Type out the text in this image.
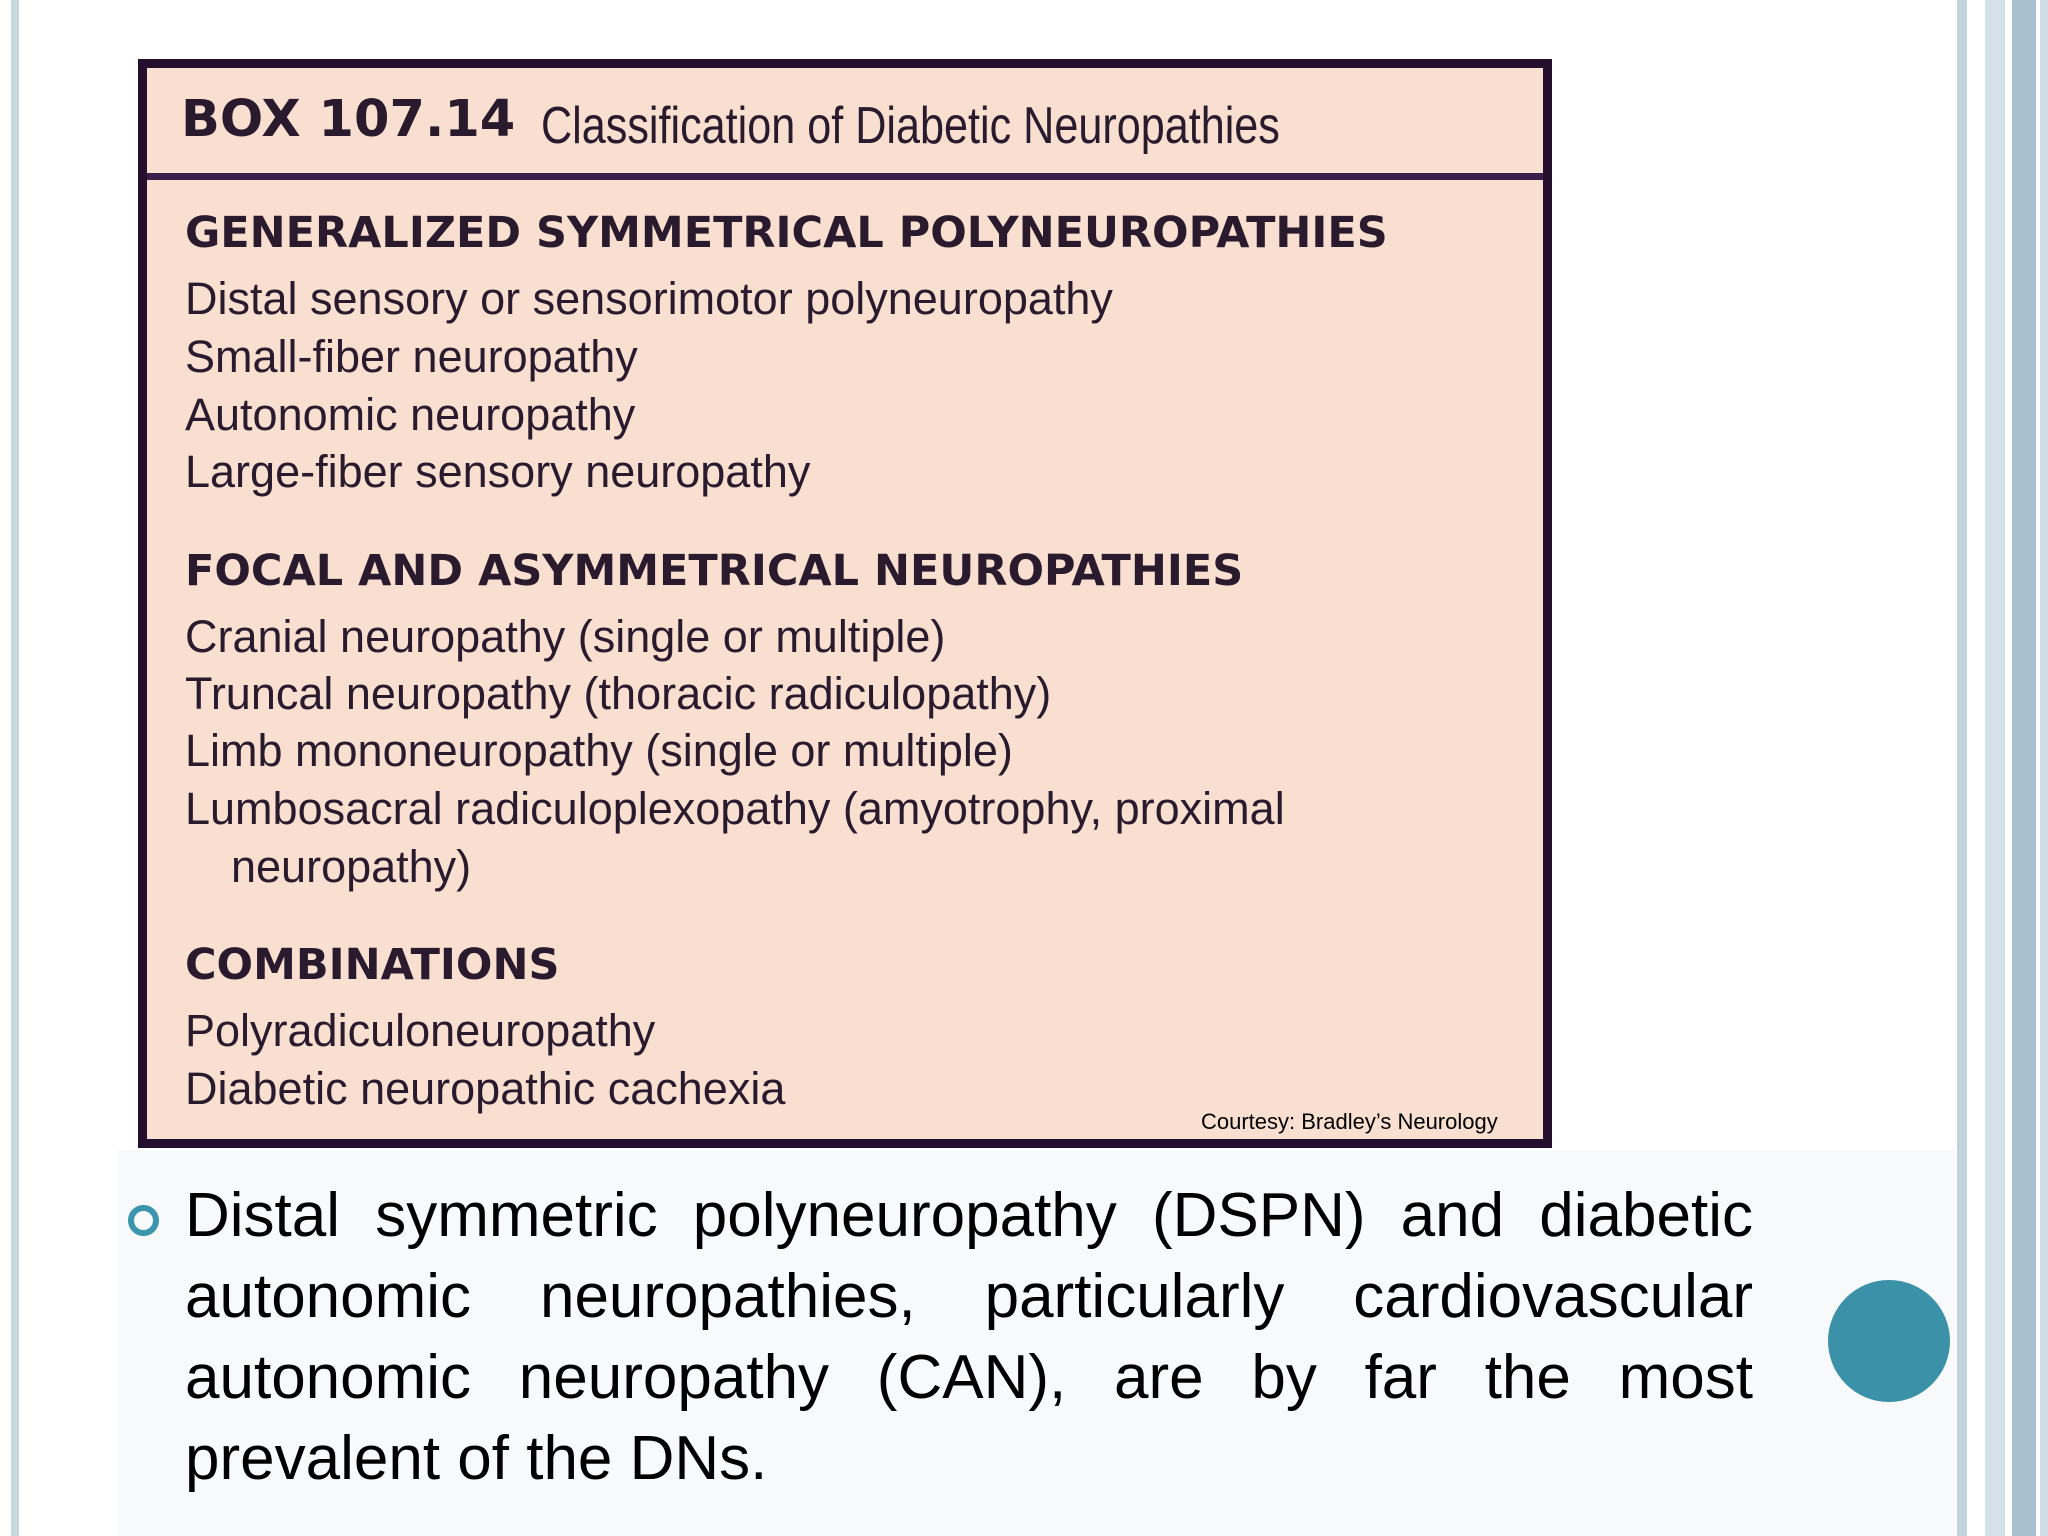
BOX 107.14 Classification of Diabetic Neuropathies
GENERALIZED SYMMETRICAL POLYNEUROPATHIES
Distal sensory or sensorimotor polyneuropathy
Small-fiber neuropathy
Autonomic neuropathy
Large-fiber sensory neuropathy
FOCAL AND ASYMMETRICAL NEUROPATHIES
Cranial neuropathy (single or multiple)
Truncal neuropathy (thoracic radiculopathy)
Limb mononeuropathy (single or multiple)
Lumbosacral radiculoplexopathy (amyotrophy, proximal
neuropathy)
COMBINATIONS
Polyradiculoneuropathy
Diabetic neuropathic cachexia
Courtesy: Bradley’s Neurology
Distal symmetric polyneuropathy (DSPN) and diabetic autonomic neuropathies, particularly cardiovascular autonomic neuropathy (CAN), are by far the most prevalent of the DNs.
